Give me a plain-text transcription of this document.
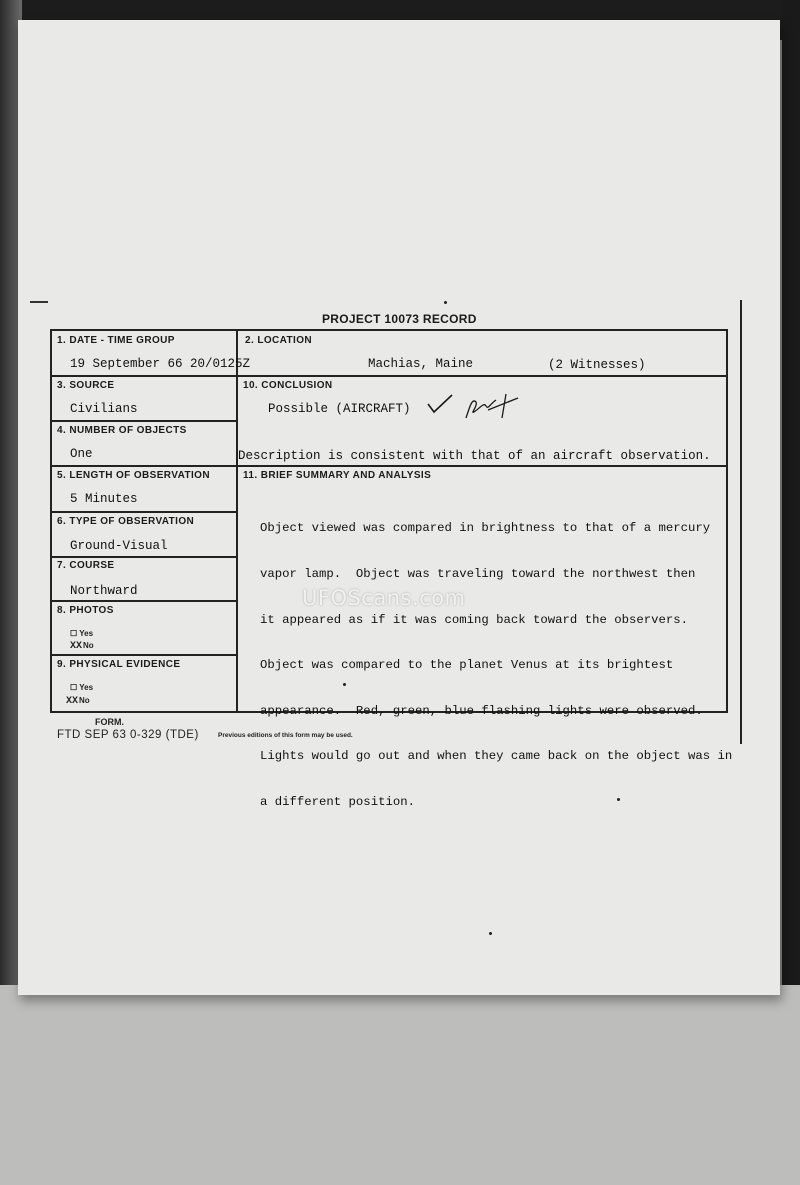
PROJECT 10073 RECORD
1. DATE - TIME GROUP
19 September 66 20/0125Z
2. LOCATION
Machias, Maine	(2 Witnesses)
3. SOURCE
Civilians
4. NUMBER OF OBJECTS
One
10. CONCLUSION
Possible (AIRCRAFT)
Description is consistent with that of an aircraft observation.
5. LENGTH OF OBSERVATION
5 Minutes
11. BRIEF SUMMARY AND ANALYSIS

Object viewed was compared in brightness to that of a mercury

vapor lamp.  Object was traveling toward the northwest then

it appeared as if it was coming back toward the observers.

Object was compared to the planet Venus at its brightest

appearance.  Red, green, blue flashing lights were observed.

Lights would go out and when they came back on the object was in

a different position.

6. TYPE OF OBSERVATION
Ground-Visual
7. COURSE
Northward
8. PHOTOS
☐ Yes
XXNo
9. PHYSICAL EVIDENCE
☐ Yes
XXNo
UFOScans.com
FORM.
FTD SEP 63 0-329 (TDE)	Previous editions of this form may be used.
